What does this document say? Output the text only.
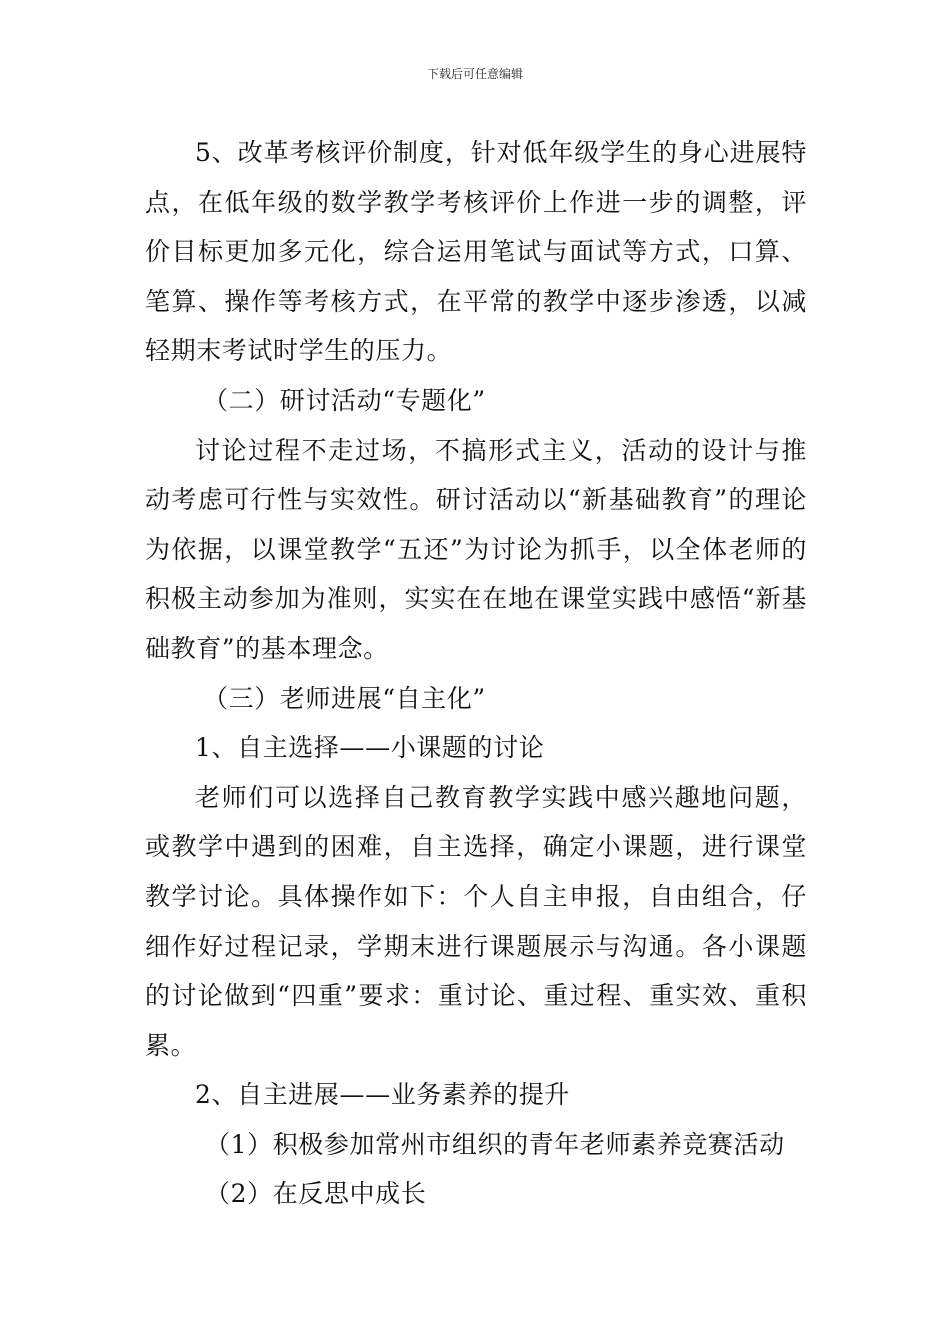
下载后可任意编辑

5、改革考核评价制度，针对低年级学生的身心进展特点，在低年级的数学教学考核评价上作进一步的调整，评价目标更加多元化，综合运用笔试与面试等方式，口算、笔算、操作等考核方式，在平常的教学中逐步渗透，以减轻期末考试时学生的压力。

（二）研讨活动“专题化”

讨论过程不走过场，不搞形式主义，活动的设计与推动考虑可行性与实效性。研讨活动以“新基础教育”的理论为依据，以课堂教学“五还”为讨论为抓手，以全体老师的积极主动参加为准则，实实在在地在课堂实践中感悟“新基础教育”的基本理念。

（三）老师进展“自主化”

1、自主选择——小课题的讨论

老师们可以选择自己教育教学实践中感兴趣地问题，或教学中遇到的困难，自主选择，确定小课题，进行课堂教学讨论。具体操作如下：个人自主申报，自由组合，仔细作好过程记录，学期末进行课题展示与沟通。各小课题的讨论做到“四重”要求：重讨论、重过程、重实效、重积累。

2、自主进展——业务素养的提升

（1）积极参加常州市组织的青年老师素养竞赛活动

（2）在反思中成长
